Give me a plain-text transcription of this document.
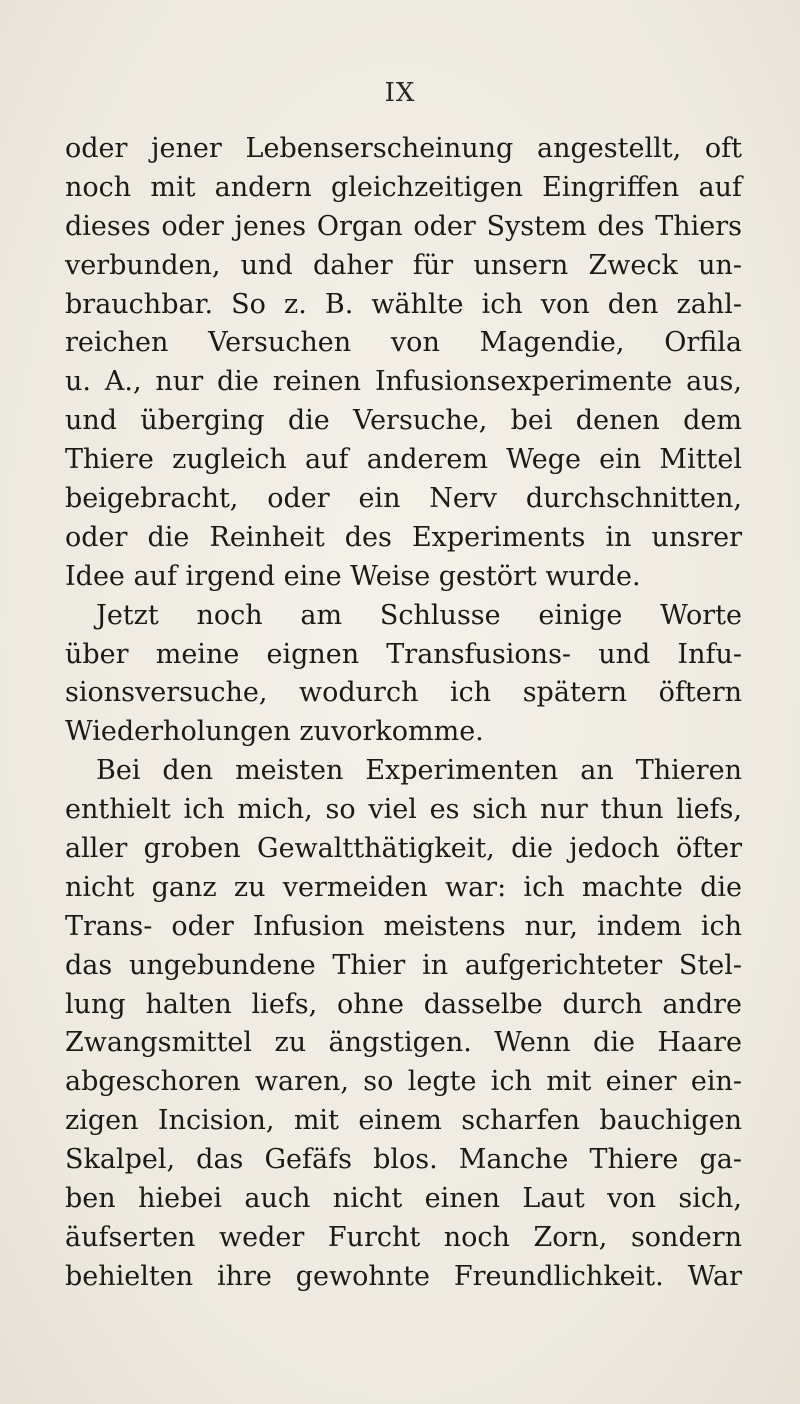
IX
oder jener Lebenserscheinung angestellt, oft
noch mit andern gleichzeitigen Eingriffen auf
dieses oder jenes Organ oder System des Thiers
verbunden, und daher für unsern Zweck un-
brauchbar. So z. B. wählte ich von den zahl-
reichen Versuchen von Magendie, Orfila
u. A., nur die reinen Infusionsexperimente aus,
und überging die Versuche, bei denen dem
Thiere zugleich auf anderem Wege ein Mittel
beigebracht, oder ein Nerv durchschnitten,
oder die Reinheit des Experiments in unsrer
Idee auf irgend eine Weise gestört wurde.
Jetzt noch am Schlusse einige Worte
über meine eignen Transfusions- und Infu-
sionsversuche, wodurch ich spätern öftern
Wiederholungen zuvorkomme.
Bei den meisten Experimenten an Thieren
enthielt ich mich, so viel es sich nur thun liefs,
aller groben Gewaltthätigkeit, die jedoch öfter
nicht ganz zu vermeiden war: ich machte die
Trans- oder Infusion meistens nur, indem ich
das ungebundene Thier in aufgerichteter Stel-
lung halten liefs, ohne dasselbe durch andre
Zwangsmittel zu ängstigen. Wenn die Haare
abgeschoren waren, so legte ich mit einer ein-
zigen Incision, mit einem scharfen bauchigen
Skalpel, das Gefäfs blos. Manche Thiere ga-
ben hiebei auch nicht einen Laut von sich,
äufserten weder Furcht noch Zorn, sondern
behielten ihre gewohnte Freundlichkeit. War
